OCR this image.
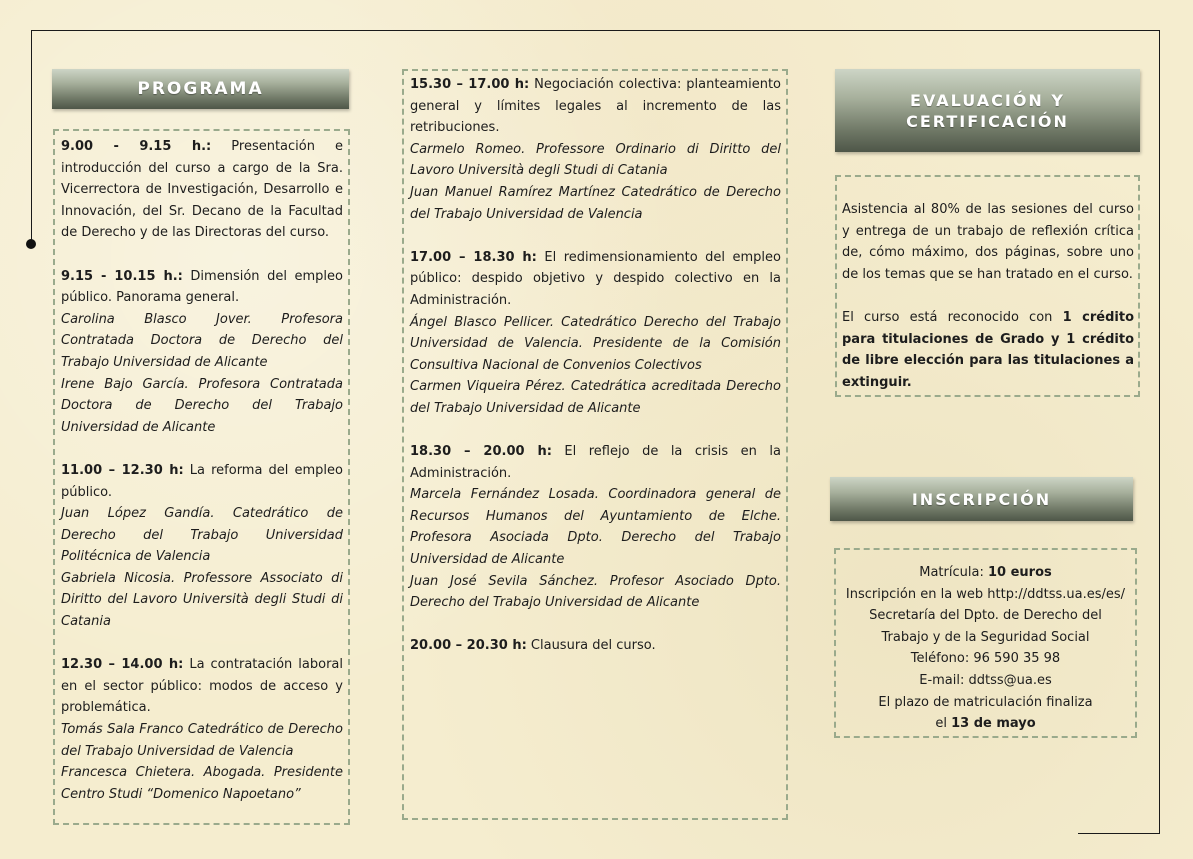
PROGRAMA

9.00 - 9.15 h.: Presentación e introducción del curso a cargo de la Sra. Vicerrectora de Investigación, Desarrollo e Innovación, del Sr. Decano de la Facultad de Derecho y de las Directoras del curso.

9.15 - 10.15 h.: Dimensión del empleo público. Panorama general.

Carolina Blasco Jover. Profesora Contratada Doctora de Derecho del Trabajo Universidad de Alicante

Irene Bajo García. Profesora Contratada Doctora de Derecho del Trabajo Universidad de Alicante

11.00 – 12.30 h: La reforma del empleo público.

Juan López Gandía. Catedrático de Derecho del Trabajo Universidad Politécnica de Valencia

Gabriela Nicosia. Professore Associato di Diritto del Lavoro Università degli Studi di Catania

12.30 – 14.00 h: La contratación laboral en el sector público: modos de acceso y problemática.

Tomás Sala Franco Catedrático de Derecho del Trabajo Universidad de Valencia

Francesca Chietera. Abogada. Presidente Centro Studi “Domenico Napoetano”

15.30 – 17.00 h: Negociación colectiva: planteamiento general y límites legales al incremento de las retribuciones.

Carmelo Romeo. Professore Ordinario di Diritto del Lavoro Università degli Studi di Catania

Juan Manuel Ramírez Martínez Catedrático de Derecho del Trabajo Universidad de Valencia

17.00 – 18.30 h: El redimensionamiento del empleo público: despido objetivo y despido colectivo en la Administración.

Ángel Blasco Pellicer. Catedrático Derecho del Trabajo Universidad de Valencia. Presidente de la Comisión Consultiva Nacional de Convenios Colectivos

Carmen Viqueira Pérez. Catedrática acreditada Derecho del Trabajo Universidad de Alicante

18.30 – 20.00 h: El reflejo de la crisis en la Administración.

Marcela Fernández Losada. Coordinadora general de Recursos Humanos del Ayuntamiento de Elche. Profesora Asociada Dpto. Derecho del Trabajo Universidad de Alicante

Juan José Sevila Sánchez. Profesor Asociado Dpto. Derecho del Trabajo Universidad de Alicante

20.00 – 20.30 h: Clausura del curso.

EVALUACIÓN Y
CERTIFICACIÓN

Asistencia al 80% de las sesiones del curso y entrega de un trabajo de reflexión crítica de, cómo máximo, dos páginas, sobre uno de los temas que se han tratado en el curso.

El curso está reconocido con 1 crédito para titulaciones de Grado y 1 crédito de libre elección para las titulaciones a extinguir.

INSCRIPCIÓN
Matrícula: 10 euros
Inscripción en la web http://ddtss.ua.es/es/
Secretaría del Dpto. de Derecho del
Trabajo y de la Seguridad Social
Teléfono: 96 590 35 98
E-mail: ddtss@ua.es
El plazo de matriculación finaliza
el 13 de mayo
